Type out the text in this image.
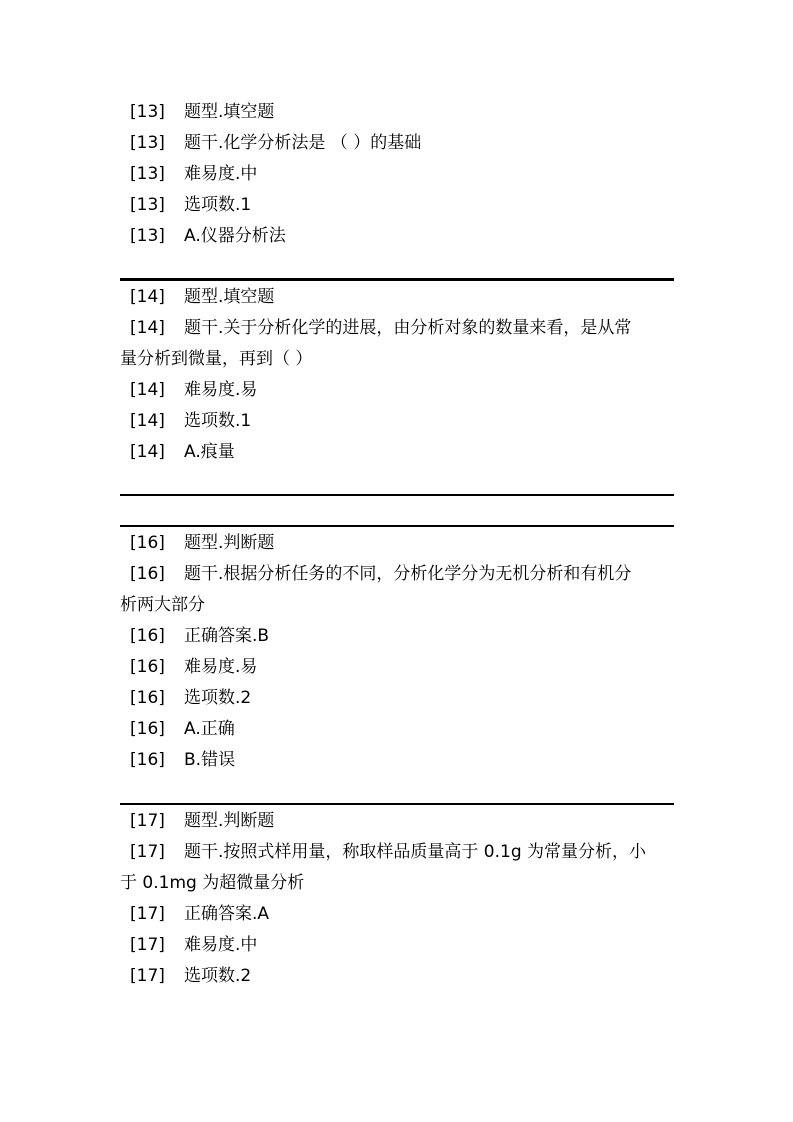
[13] 题型.填空题
[13] 题干.化学分析法是 （ ）的基础
[13] 难易度.中
[13] 选项数.1
[13] A.仪器分析法
[14] 题型.填空题
[14] 题干.关于分析化学的进展，由分析对象的数量来看，是从常
量分析到微量，再到（ ）
[14] 难易度.易
[14] 选项数.1
[14] A.痕量
[16] 题型.判断题
[16] 题干.根据分析任务的不同，分析化学分为无机分析和有机分
析两大部分
[16] 正确答案.B
[16] 难易度.易
[16] 选项数.2
[16] A.正确
[16] B.错误
[17] 题型.判断题
[17] 题干.按照式样用量，称取样品质量高于 0.1g 为常量分析，小
于 0.1mg 为超微量分析
[17] 正确答案.A
[17] 难易度.中
[17] 选项数.2
